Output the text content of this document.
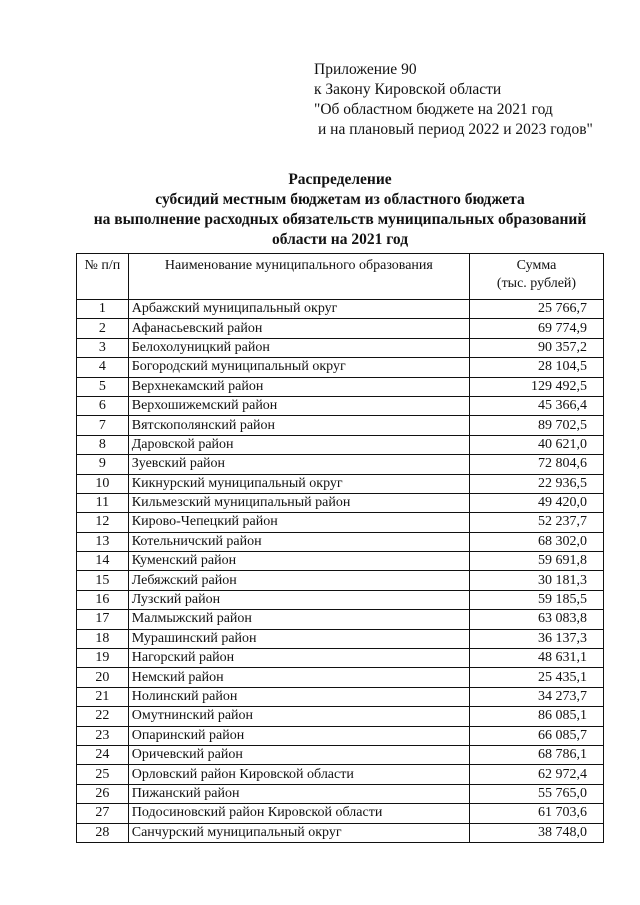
Приложение 90
к Закону Кировской области
"Об областном бюджете на 2021 год
и на плановый период 2022 и 2023 годов"
Распределение
субсидий местным бюджетам из областного бюджета
на выполнение расходных обязательств муниципальных образований
области на 2021 год
№ п/п	Наименование муниципального образования	Сумма
(тыс. рублей)

1	Арбажский муниципальный округ	25 766,7
2	Афанасьевский район	69 774,9
3	Белохолуницкий район	90 357,2
4	Богородский муниципальный округ	28 104,5
5	Верхнекамский район	129 492,5
6	Верхошижемский район	45 366,4
7	Вятскополянский район	89 702,5
8	Даровской район	40 621,0
9	Зуевский район	72 804,6
10	Кикнурский муниципальный округ	22 936,5
11	Кильмезский муниципальный район	49 420,0
12	Кирово-Чепецкий район	52 237,7
13	Котельничский район	68 302,0
14	Куменский район	59 691,8
15	Лебяжский район	30 181,3
16	Лузский район	59 185,5
17	Малмыжский район	63 083,8
18	Мурашинский район	36 137,3
19	Нагорский район	48 631,1
20	Немский район	25 435,1
21	Нолинский район	34 273,7
22	Омутнинский район	86 085,1
23	Опаринский район	66 085,7
24	Оричевский район	68 786,1
25	Орловский район Кировской области	62 972,4
26	Пижанский район	55 765,0
27	Подосиновский район Кировской области	61 703,6
28	Санчурский муниципальный округ	38 748,0
